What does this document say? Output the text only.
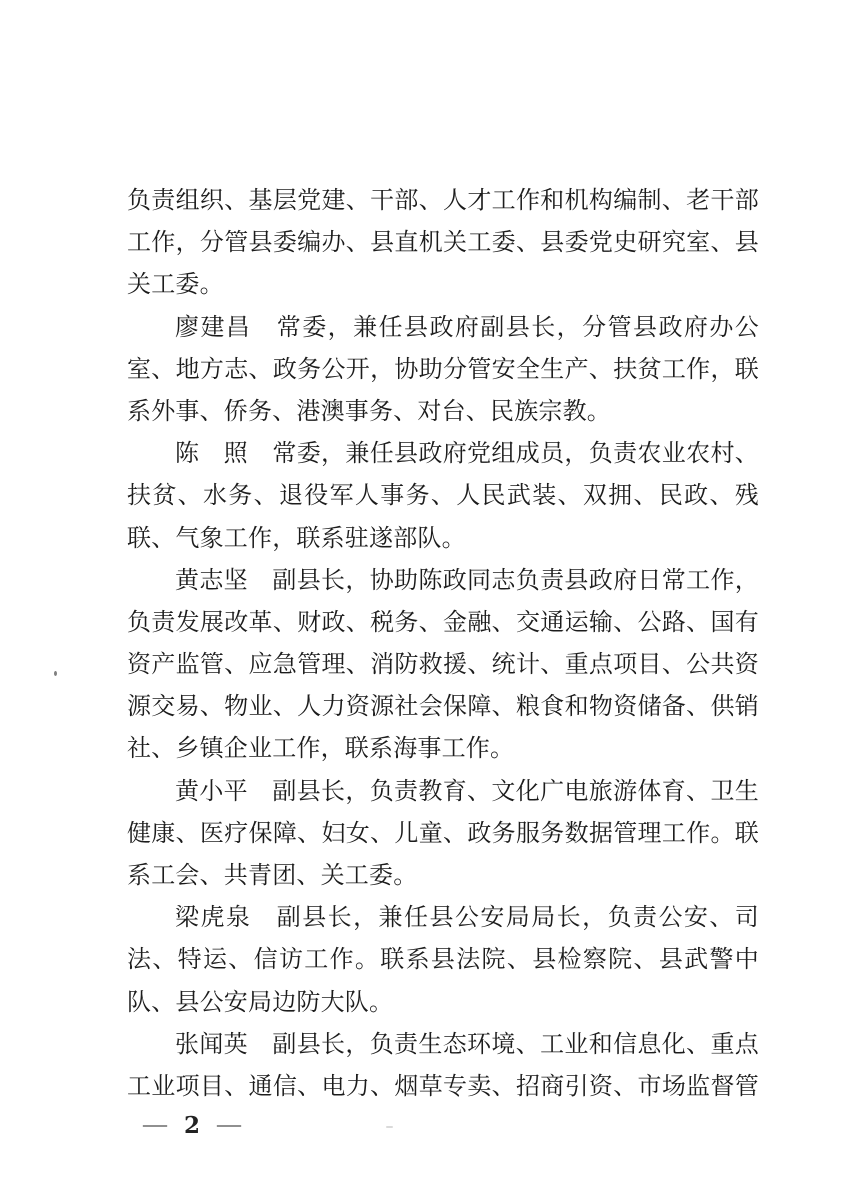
负责组织、基层党建、干部、人才工作和机构编制、老干部
工作，分管县委编办、县直机关工委、县委党史研究室、县
关工委。
廖建昌　常委，兼任县政府副县长，分管县政府办公
室、地方志、政务公开，协助分管安全生产、扶贫工作，联
系外事、侨务、港澳事务、对台、民族宗教。
陈　照　常委，兼任县政府党组成员，负责农业农村、
扶贫、水务、退役军人事务、人民武装、双拥、民政、残
联、气象工作，联系驻遂部队。
黄志坚　副县长，协助陈政同志负责县政府日常工作，
负责发展改革、财政、税务、金融、交通运输、公路、国有
资产监管、应急管理、消防救援、统计、重点项目、公共资
源交易、物业、人力资源社会保障、粮食和物资储备、供销
社、乡镇企业工作，联系海事工作。
黄小平　副县长，负责教育、文化广电旅游体育、卫生
健康、医疗保障、妇女、儿童、政务服务数据管理工作。联
系工会、共青团、关工委。
梁虎泉　副县长，兼任县公安局局长，负责公安、司
法、特运、信访工作。联系县法院、县检察院、县武警中
队、县公安局边防大队。
张闻英　副县长，负责生态环境、工业和信息化、重点
工业项目、通信、电力、烟草专卖、招商引资、市场监督管
— 2 —
